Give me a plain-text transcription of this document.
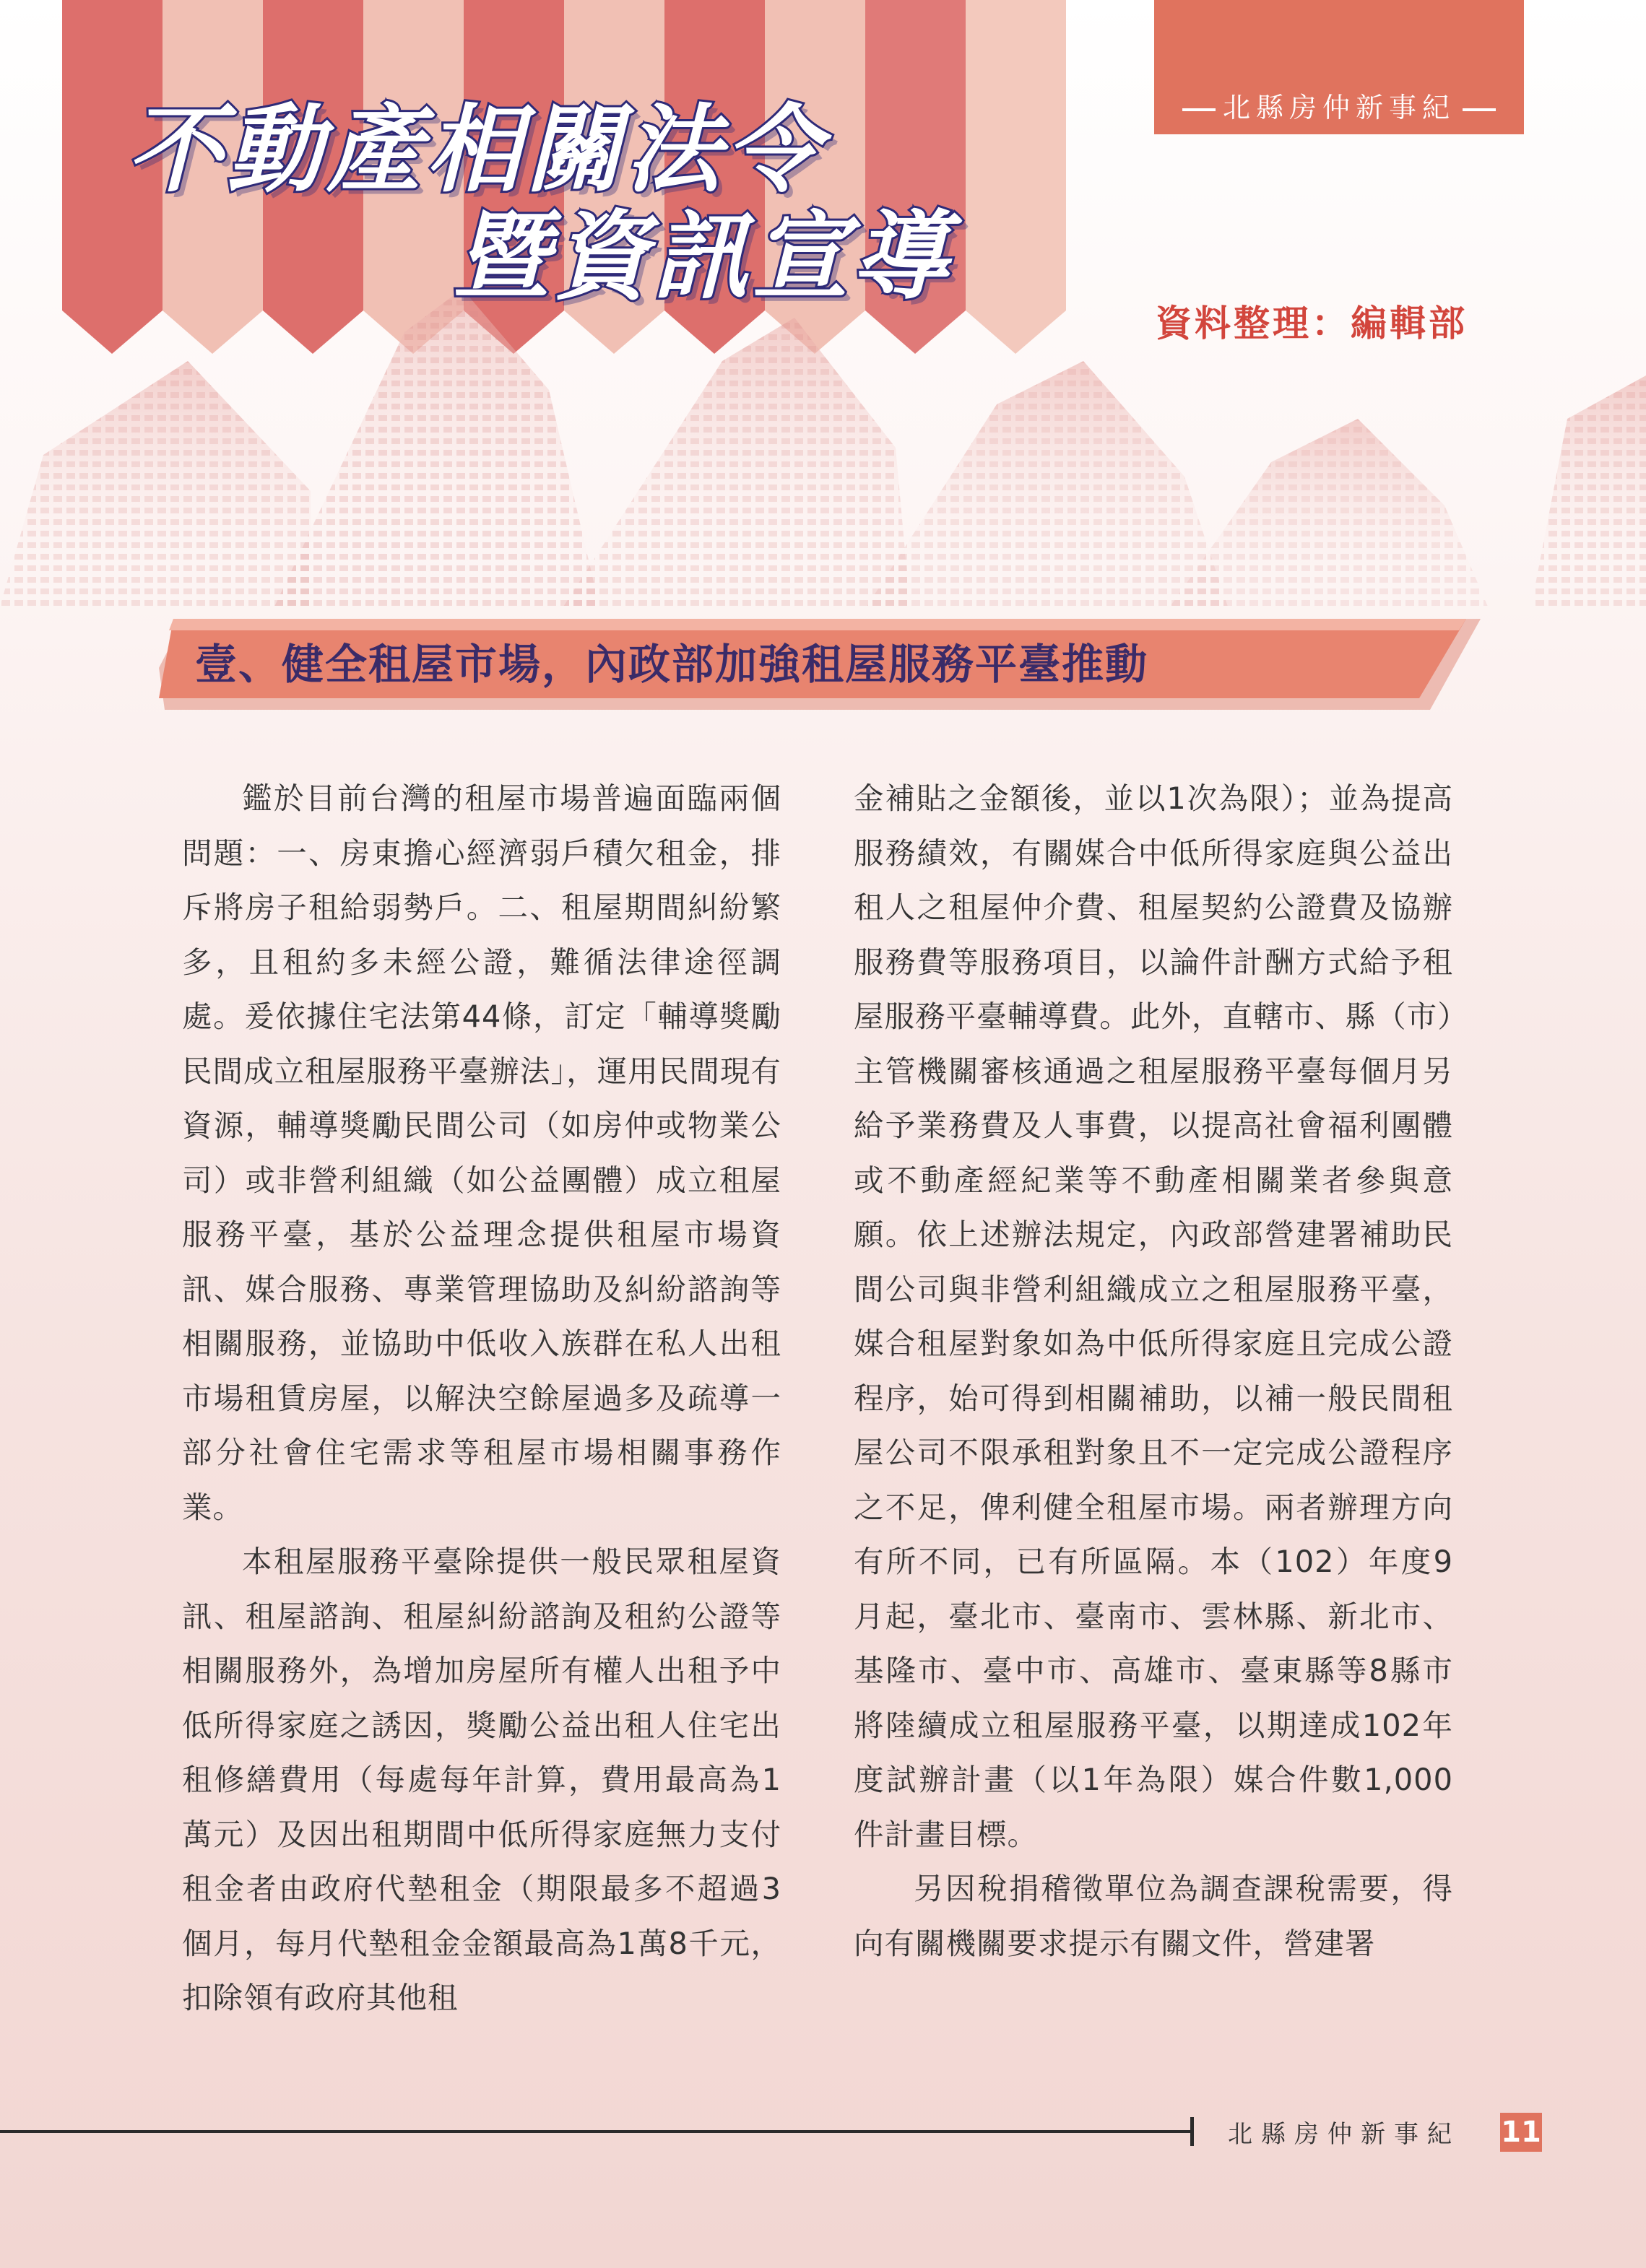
北縣房仲新事紀
不動產相關法令
暨資訊宣導
資料整理：編輯部
壹、健全租屋市場，內政部加強租屋服務平臺推動

鑑於目前台灣的租屋市場普遍面臨兩個問題：一、房東擔心經濟弱戶積欠租金，排斥將房子租給弱勢戶。二、租屋期間糾紛繁多，且租約多未經公證，難循法律途徑調處。爰依據住宅法第44條，訂定「輔導獎勵民間成立租屋服務平臺辦法」，運用民間現有資源，輔導獎勵民間公司（如房仲或物業公司）或非營利組織（如公益團體）成立租屋服務平臺，基於公益理念提供租屋市場資訊、媒合服務、專業管理協助及糾紛諮詢等相關服務，並協助中低收入族群在私人出租市場租賃房屋，以解決空餘屋過多及疏導一部分社會住宅需求等租屋市場相關事務作業。

本租屋服務平臺除提供一般民眾租屋資訊、租屋諮詢、租屋糾紛諮詢及租約公證等相關服務外，為增加房屋所有權人出租予中低所得家庭之誘因，獎勵公益出租人住宅出租修繕費用（每處每年計算，費用最高為1萬元）及因出租期間中低所得家庭無力支付租金者由政府代墊租金（期限最多不超過3個月，每月代墊租金金額最高為1萬8千元，扣除領有政府其他租

金補貼之金額後，並以1次為限）；並為提高服務績效，有關媒合中低所得家庭與公益出租人之租屋仲介費、租屋契約公證費及協辦服務費等服務項目，以論件計酬方式給予租屋服務平臺輔導費。此外，直轄市、縣（市）主管機關審核通過之租屋服務平臺每個月另給予業務費及人事費，以提高社會福利團體或不動產經紀業等不動產相關業者參與意願。依上述辦法規定，內政部營建署補助民間公司與非營利組織成立之租屋服務平臺，媒合租屋對象如為中低所得家庭且完成公證程序，始可得到相關補助，以補一般民間租屋公司不限承租對象且不一定完成公證程序之不足，俾利健全租屋市場。兩者辦理方向有所不同，已有所區隔。本（102）年度9月起，臺北市、臺南市、雲林縣、新北市、基隆市、臺中市、高雄市、臺東縣等8縣市將陸續成立租屋服務平臺，以期達成102年度試辦計畫（以1年為限）媒合件數1,000件計畫目標。

另因稅捐稽徵單位為調查課稅需要，得向有關機關要求提示有關文件，營建署

北縣房仲新事紀 11
